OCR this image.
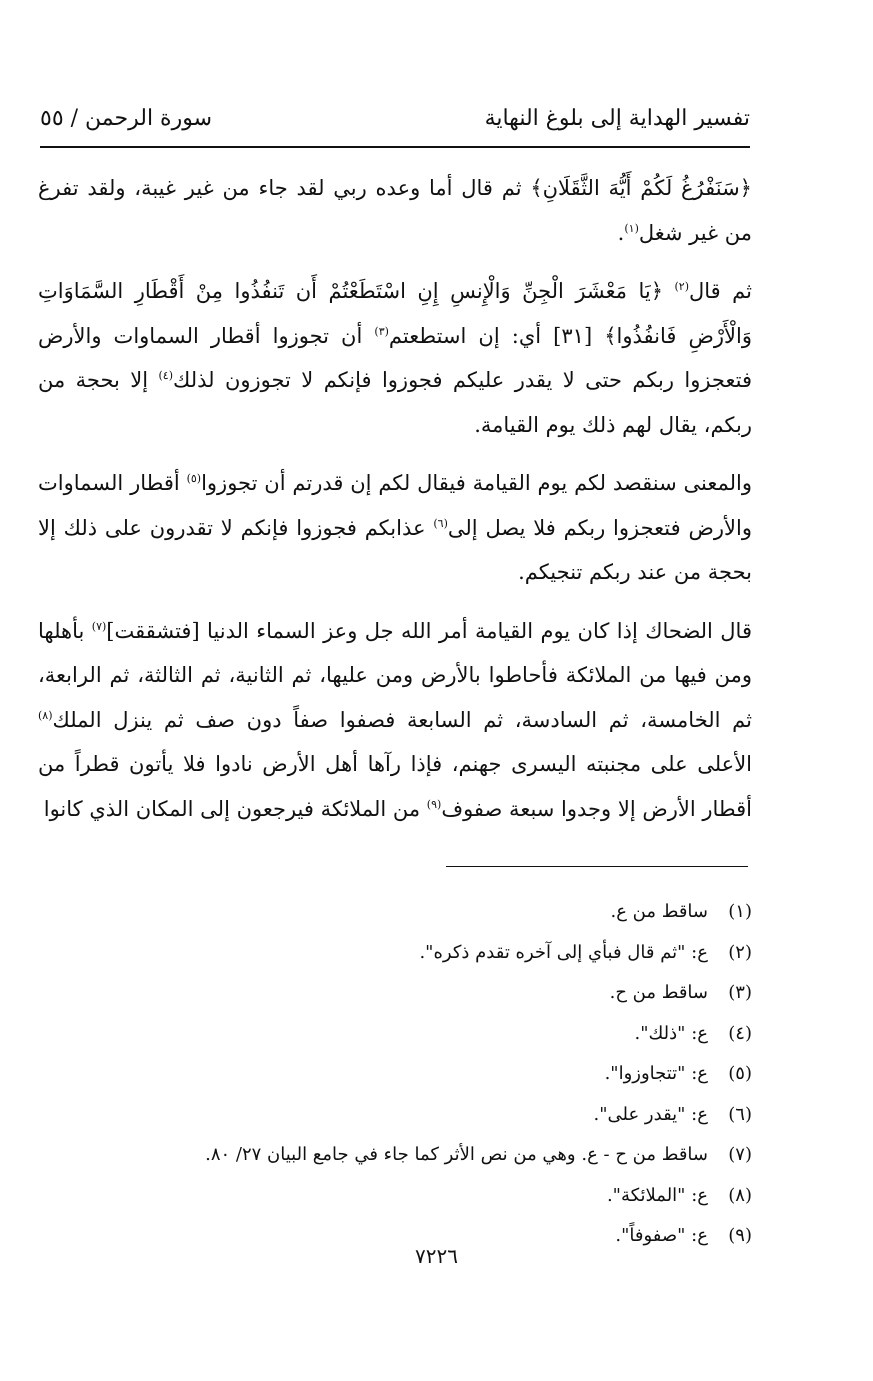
تفسير الهداية إلى بلوغ النهاية
سورة الرحمن / ٥٥

﴿سَنَفْرُغُ لَكُمْ أَيُّهَ الثَّقَلَانِ﴾ ثم قال أما وعده ربي لقد جاء من غير غيبة، ولقد تفرغ من غير شغل$^{(١)}$.

ثم قال$^{(٢)}$ ﴿يَا مَعْشَرَ الْجِنِّ وَالْإِنسِ إِنِ اسْتَطَعْتُمْ أَن تَنفُذُوا مِنْ أَقْطَارِ السَّمَاوَاتِ وَالْأَرْضِ فَانفُذُوا﴾ [٣١] أي: إن استطعتم$^{(٣)}$ أن تجوزوا أقطار السماوات والأرض فتعجزوا ربكم حتى لا يقدر عليكم فجوزوا فإنكم لا تجوزون لذلك$^{(٤)}$ إلا بحجة من ربكم، يقال لهم ذلك يوم القيامة.

والمعنى سنقصد لكم يوم القيامة فيقال لكم إن قدرتم أن تجوزوا$^{(٥)}$ أقطار السماوات والأرض فتعجزوا ربكم فلا يصل إلى$^{(٦)}$ عذابكم فجوزوا فإنكم لا تقدرون على ذلك إلا بحجة من عند ربكم تنجيكم.

قال الضحاك إذا كان يوم القيامة أمر الله جل وعز السماء الدنيا [فتشققت]$^{(٧)}$ بأهلها ومن فيها من الملائكة فأحاطوا بالأرض ومن عليها، ثم الثانية، ثم الثالثة، ثم الرابعة، ثم الخامسة، ثم السادسة، ثم السابعة فصفوا صفاً دون صف ثم ينزل الملك$^{(٨)}$ الأعلى على مجنبته اليسرى جهنم، فإذا رآها أهل الأرض نادوا فلا يأتون قطراً من أقطار الأرض إلا وجدوا سبعة صفوف$^{(٩)}$ من الملائكة فيرجعون إلى المكان الذي كانوا

(١)
ساقط من ع.
(٢)
ع: "ثم قال فبأي إلى آخره تقدم ذكره".
(٣)
ساقط من ح.
(٤)
ع: "ذلك".
(٥)
ع: "تتجاوزوا".
(٦)
ع: "يقدر على".
(٧)
ساقط من ح - ع. وهي من نص الأثر كما جاء في جامع البيان ٢٧/ ٨٠.
(٨)
ع: "الملائكة".
(٩)
ع: "صفوفاً".
٧٢٢٦
